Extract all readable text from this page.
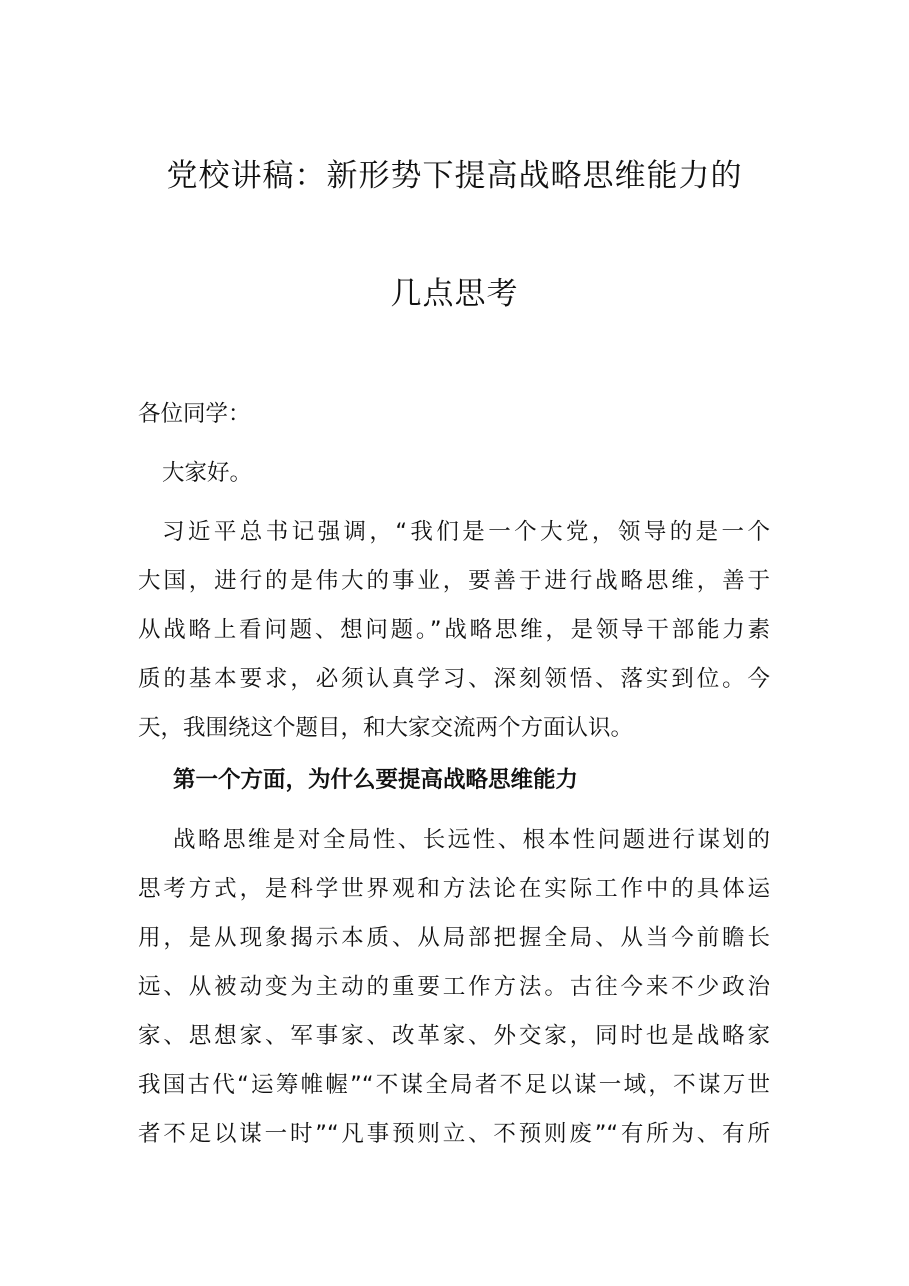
党校讲稿：新形势下提高战略思维能力的
几点思考
各位同学：
大家好。
习近平总书记强调，“我们是一个大党，领导的是一个
大国，进行的是伟大的事业，要善于进行战略思维，善于
从战略上看问题、想问题。”战略思维，是领导干部能力素
质的基本要求，必须认真学习、深刻领悟、落实到位。今
天，我围绕这个题目，和大家交流两个方面认识。
第一个方面，为什么要提高战略思维能力
战略思维是对全局性、长远性、根本性问题进行谋划的
思考方式，是科学世界观和方法论在实际工作中的具体运
用，是从现象揭示本质、从局部把握全局、从当今前瞻长
远、从被动变为主动的重要工作方法。古往今来不少政治
家、思想家、军事家、改革家、外交家，同时也是战略家
我国古代“运筹帷幄”“不谋全局者不足以谋一域，不谋万世
者不足以谋一时”“凡事预则立、不预则废”“有所为、有所
